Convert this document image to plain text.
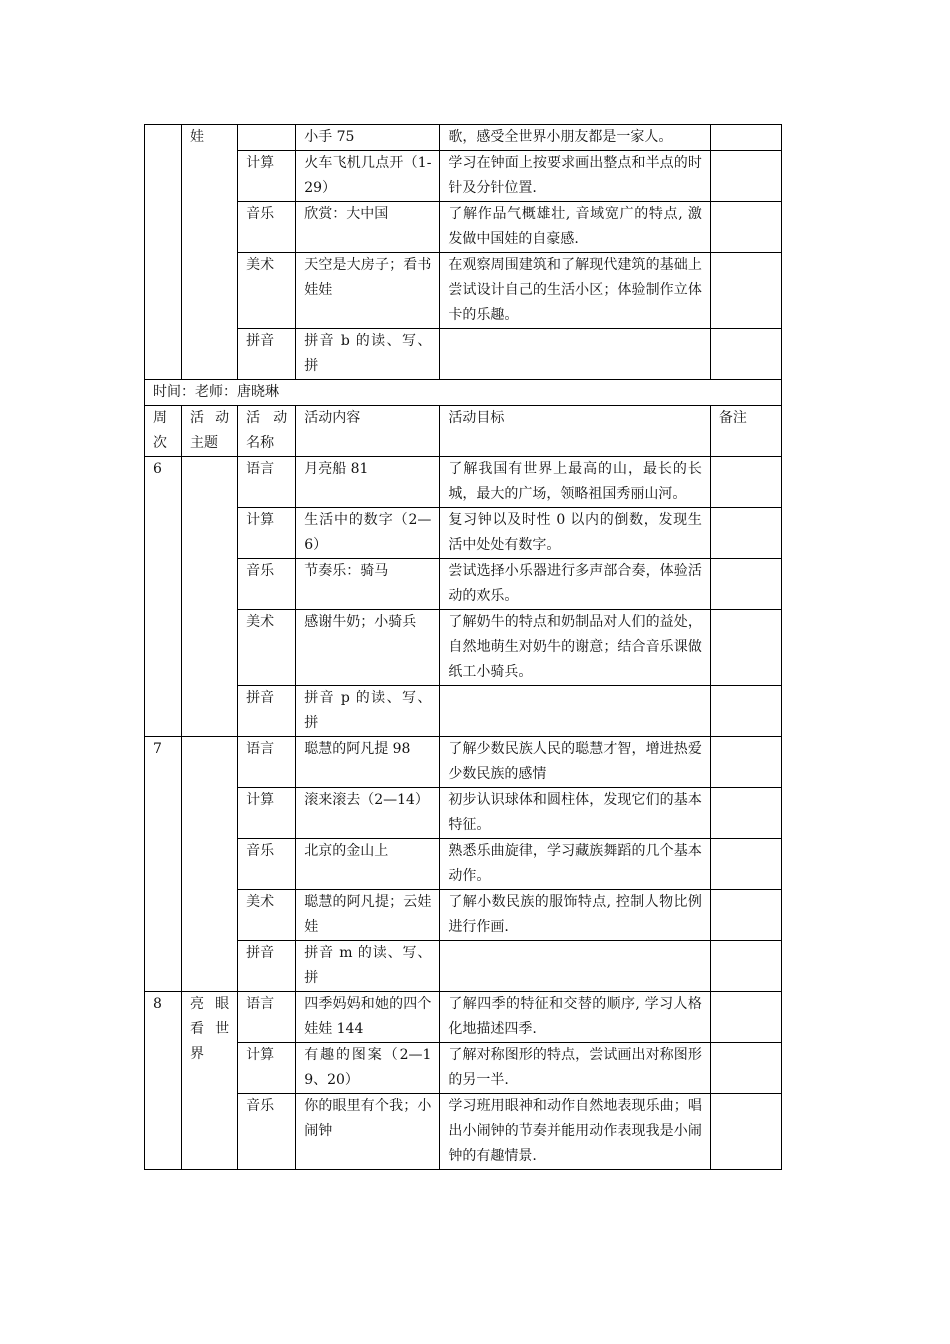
	娃		小手 75	歌，感受全世界小朋友都是一家人。	
		计算	火车飞机几点开（1-29）	学习在钟面上按要求画出整点和半点的时针及分针位置.	
		音乐	欣赏：大中国	了解作品气概雄壮, 音域宽广的特点, 激发做中国娃的自豪感.	
		美术	天空是大房子；看书娃娃	在观察周围建筑和了解现代建筑的基础上尝试设计自己的生活小区；体验制作立体卡的乐趣。	
		拼音	拼音 b 的读、写、拼		
时间：老师：唐晓琳					
周次	活动主题	活动名称	活动内容	活动目标	备注
6		语言	月亮船 81	了解我国有世界上最高的山，最长的长城，最大的广场，领略祖国秀丽山河。	
		计算	生活中的数字（2—6）	复习钟以及时性 0 以内的倒数，发现生活中处处有数字。	
		音乐	节奏乐：骑马	尝试选择小乐器进行多声部合奏，体验活动的欢乐。	
		美术	感谢牛奶；小骑兵	了解奶牛的特点和奶制品对人们的益处，自然地萌生对奶牛的谢意；结合音乐课做纸工小骑兵。	
		拼音	拼音 p 的读、写、拼		
7		语言	聪慧的阿凡提 98	了解少数民族人民的聪慧才智，增进热爱少数民族的感情	
		计算	滚来滚去（2—14）	初步认识球体和圆柱体，发现它们的基本特征。	
		音乐	北京的金山上	熟悉乐曲旋律，学习藏族舞蹈的几个基本动作。	
		美术	聪慧的阿凡提；云娃娃	了解小数民族的服饰特点, 控制人物比例进行作画.	
		拼音	拼音 m 的读、写、拼		
8	亮眼看世界	语言	四季妈妈和她的四个娃娃 144	了解四季的特征和交替的顺序, 学习人格化地描述四季.	
		计算	有趣的图案（2—19、20）	了解对称图形的特点，尝试画出对称图形的另一半.	
		音乐	你的眼里有个我；小闹钟	学习班用眼神和动作自然地表现乐曲；唱出小闹钟的节奏并能用动作表现我是小闹钟的有趣情景.	
